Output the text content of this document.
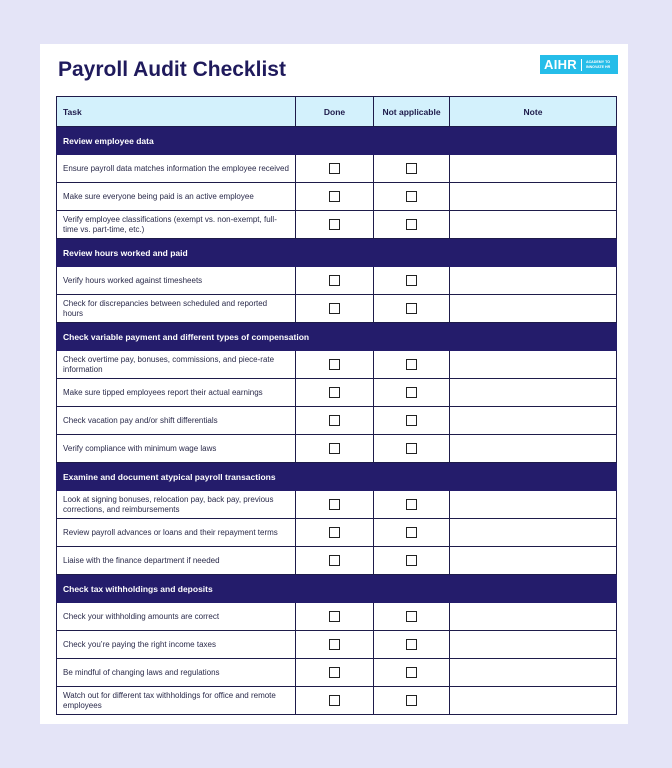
Payroll Audit Checklist	AIHR	ACADEMY TO
INNOVATE HR
Task	Done	Not applicable	Note
Review employee data			
Ensure payroll data matches information the employee received			
Make sure everyone being paid is an active employee			
Verify employee classifications (exempt vs. non-exempt, full-time vs. part-time, etc.)			
Review hours worked and paid			
Verify hours worked against timesheets			
Check for discrepancies between scheduled and reported hours			
Check variable payment and different types of compensation			
Check overtime pay, bonuses, commissions, and piece-rate information			
Make sure tipped employees report their actual earnings			
Check vacation pay and/or shift differentials			
Verify compliance with minimum wage laws			
Examine and document atypical payroll transactions			
Look at signing bonuses, relocation pay, back pay, previous corrections, and reimbursements			
Review payroll advances or loans and their repayment terms			
Liaise with the finance department if needed			
Check tax withholdings and deposits			
Check your withholding amounts are correct			
Check you’re paying the right income taxes			
Be mindful of changing laws and regulations			
Watch out for different tax withholdings for office and remote employees			
